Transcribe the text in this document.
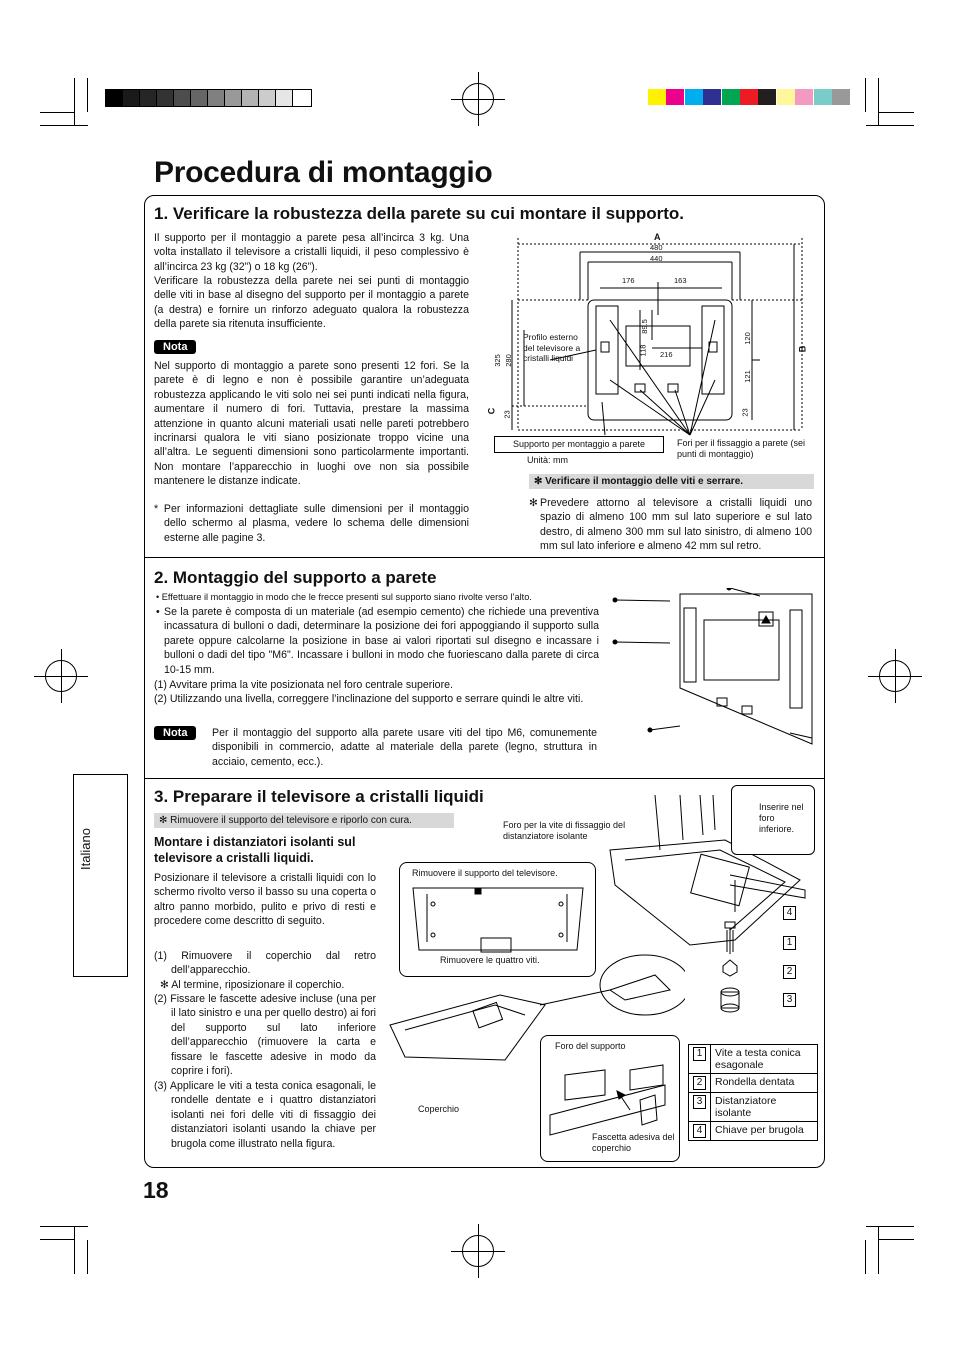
Procedura di montaggio
1. Verificare la robustezza della parete su cui montare il supporto.
Il supporto per il montaggio a parete pesa all’incirca 3 kg. Una volta installato il televisore a cristalli liquidi, il peso complessivo è all’incirca 23 kg (32”) o 18 kg (26”).
Verificare la robustezza della parete nei sei punti di montaggio delle viti in base al disegno del supporto per il montaggio a parete (a destra) e fornire un rinforzo adeguato qualora la robustezza della parete sia ritenuta insufficiente.
Nota
Nel supporto di montaggio a parete sono presenti 12 fori. Se la parete è di legno e non è possibile garantire un’adeguata robustezza applicando le viti solo nei sei punti indicati nella figura, aumentare il numero di fori. Tuttavia, prestare la massima attenzione in quanto alcuni materiali usati nelle pareti potrebbero incrinarsi qualora le viti siano posizionate troppo vicine una all’altra. Le seguenti dimensioni sono particolarmente importanti. Non montare l’apparecchio in luoghi ove non sia possibile mantenere le distanze indicate.
* Per informazioni dettagliate sulle dimensioni per il montaggio dello schermo al plasma, vedere lo schema delle dimensioni esterne alle pagine 3.
A
480
440
176	163
325 280
89.5
118 216
120
121
23
23
B
C
Profilo esterno del televisore a cristalli liquidi
Supporto per montaggio a parete	Fori per il fissaggio a parete (sei punti di montaggio)
Unità: mm
✻ Verificare il montaggio delle viti e serrare.
✻ Prevedere attorno al televisore a cristalli liquidi uno spazio di almeno 100 mm sul lato superiore e sul lato destro, di almeno 300 mm sul lato sinistro, di almeno 100 mm sul lato inferiore e almeno 42 mm sul retro.
2. Montaggio del supporto a parete
• Effettuare il montaggio in modo che le frecce presenti sul supporto siano rivolte verso l’alto.
• Se la parete è composta di un materiale (ad esempio cemento) che richiede una preventiva incassatura di bulloni o dadi, determinare la posizione dei fori appoggiando il supporto sulla parete oppure calcolarne la posizione in base ai valori riportati sul disegno e incassare i bulloni o dadi del tipo "M6". Incassare i bulloni in modo che fuoriescano dalla parete di circa 10-15 mm.
(1) Avvitare prima la vite posizionata nel foro centrale superiore.
(2) Utilizzando una livella, correggere l’inclinazione del supporto e serrare quindi le altre viti.
Nota	Per il montaggio del supporto alla parete usare viti del tipo M6, comunemente disponibili in commercio, adatte al materiale della parete (legno, struttura in acciaio, cemento, ecc.).
3. Preparare il televisore a cristalli liquidi
✻ Rimuovere il supporto del televisore e riporlo con cura.
Montare i distanziatori isolanti sul televisore a cristalli liquidi.
Posizionare il televisore a cristalli liquidi con lo schermo rivolto verso il basso su una coperta o altro panno morbido, pulito e privo di resti e procedere come descritto di seguito.
(1) Rimuovere il coperchio dal retro dell’apparecchio.
✻ Al termine, riposizionare il coperchio.
(2) Fissare le fascette adesive incluse (una per il lato sinistro e una per quello destro) ai fori del supporto sul lato inferiore dell’apparecchio (rimuovere la carta e fissare le fascette adesive in modo da coprire i fori).
(3) Applicare le viti a testa conica esagonali, le rondelle dentate e i quattro distanziatori isolanti nei fori delle viti di fissaggio dei distanziatori isolanti usando la chiave per brugola come illustrato nella figura.
Rimuovere il supporto del televisore.
Rimuovere le quattro viti.
Foro per la vite di fissaggio del distanziatore isolante
Inserire nel foro inferiore.
4
1
2
3
Coperchio
Foro del supporto
Fascetta adesiva del coperchio
1	Vite a testa conica esagonale
2	Rondella dentata
3	Distanziatore isolante
4	Chiave per brugola
Italiano
18
